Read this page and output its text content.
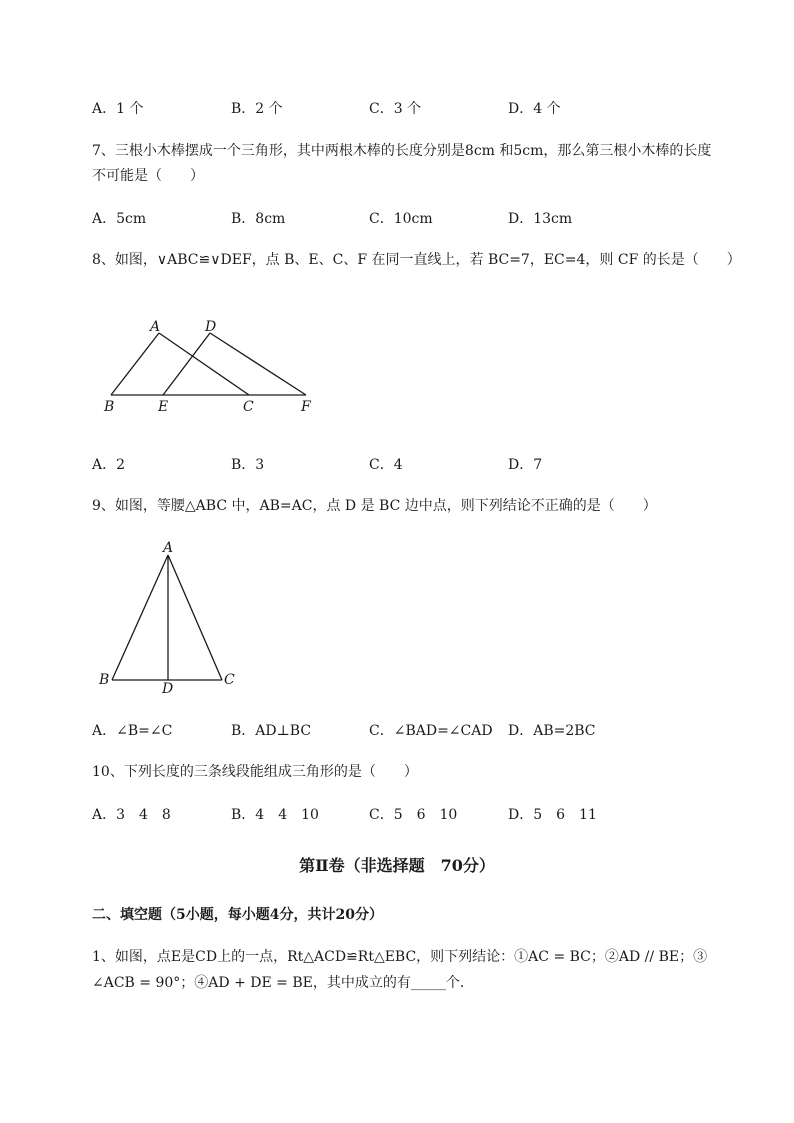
A．1 个	B．2 个	C．3 个	D．4 个
7、三根小木棒摆成一个三角形，其中两根木棒的长度分别是8cm 和5cm，那么第三根小木棒的长度
不可能是（　　）
A．5cm	B．8cm	C．10cm	D．13cm
8、如图，∨ABC≌∨DEF，点 B、E、C、F 在同一直线上，若 BC=7，EC=4，则 CF 的长是（　　）
A	D
B	E	C	F
A．2	B．3	C．4	D．7
9、如图，等腰△ABC 中，AB=AC，点 D 是 BC 边中点，则下列结论不正确的是（　　）
A
B	C
D
A．∠B=∠C	B．AD⊥BC	C．∠BAD=∠CAD D．AB=2BC
10、下列长度的三条线段能组成三角形的是（　　）
A．3　4　8	B．4　4　10	C．5　6　10	D．5　6　11
第Ⅱ卷（非选择题　70分）
二、填空题（5小题，每小题4分，共计20分）
1、如图，点E是CD上的一点，Rt△ACD≌Rt△EBC，则下列结论：①AC = BC；②AD // BE；③
∠ACB = 90°；④AD + DE = BE，其中成立的有_____个．
